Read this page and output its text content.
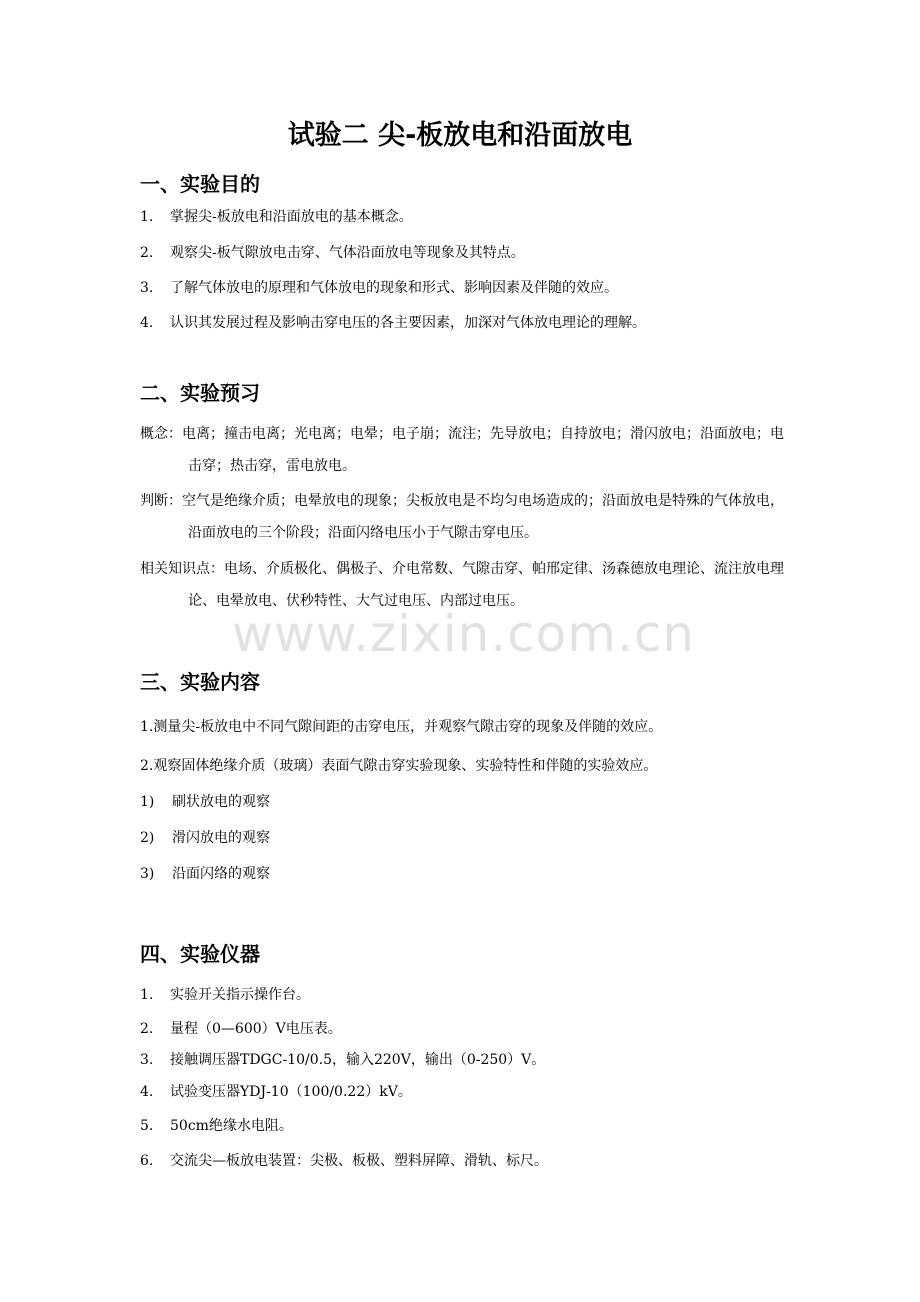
试验二 尖-板放电和沿面放电
一、实验目的

1. 掌握尖-板放电和沿面放电的基本概念。

2. 观察尖-板气隙放电击穿、气体沿面放电等现象及其特点。

3. 了解气体放电的原理和气体放电的现象和形式、影响因素及伴随的效应。

4. 认识其发展过程及影响击穿电压的各主要因素，加深对气体放电理论的理解。

二、实验预习

概念：电离；撞击电离；光电离；电晕；电子崩；流注；先导放电；自持放电；滑闪放电；沿面放电；电击穿；热击穿，雷电放电。

判断：空气是绝缘介质；电晕放电的现象；尖板放电是不均匀电场造成的；沿面放电是特殊的气体放电，沿面放电的三个阶段；沿面闪络电压小于气隙击穿电压。

相关知识点：电场、介质极化、偶极子、介电常数、气隙击穿、帕邢定律、汤森德放电理论、流注放电理论、电晕放电、伏秒特性、大气过电压、内部过电压。

三、实验内容

1.测量尖-板放电中不同气隙间距的击穿电压，并观察气隙击穿的现象及伴随的效应。

2.观察固体绝缘介质（玻璃）表面气隙击穿实验现象、实验特性和伴随的实验效应。

1) 刷状放电的观察

2) 滑闪放电的观察

3) 沿面闪络的观察

四、实验仪器

1. 实验开关指示操作台。

2. 量程（0—600）V电压表。

3. 接触调压器TDGC-10/0.5，输入220V，输出（0-250）V。

4. 试验变压器YDJ-10（100/0.22）kV。

5. 50cm绝缘水电阻。

6. 交流尖—板放电装置：尖极、板极、塑料屏障、滑轨、标尺。

www.zixin.com.cn
